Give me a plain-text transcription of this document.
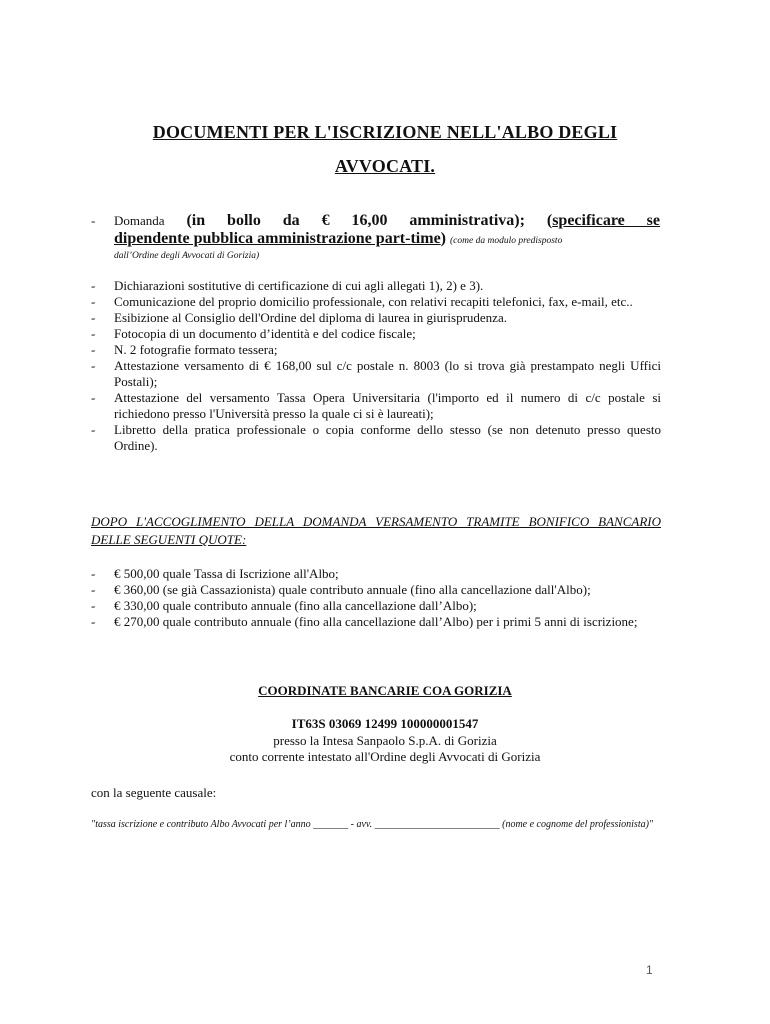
DOCUMENTI PER L'ISCRIZIONE NELL'ALBO DEGLI
AVVOCATI.
- Domanda (in bollo da € 16,00 amministrativa); (specificare se
dipendente pubblica amministrazione part-time) (come da modulo predisposto
dall’Ordine degli Avvocati di Gorizia)
- Dichiarazioni sostitutive di certificazione di cui agli allegati 1), 2) e 3).
- Comunicazione del proprio domicilio professionale, con relativi recapiti telefonici, fax, e-mail, etc..
- Esibizione al Consiglio dell'Ordine del diploma di laurea in giurisprudenza.
- Fotocopia di un documento d’identità e del codice fiscale;
- N. 2 fotografie formato tessera;
- Attestazione versamento di € 168,00 sul c/c postale n. 8003 (lo si trova già prestampato negli Uffici Postali);
- Attestazione del versamento Tassa Opera Universitaria (l'importo ed il numero di c/c postale si richiedono presso l'Università presso la quale ci si è laureati);
- Libretto della pratica professionale o copia conforme dello stesso (se non detenuto presso questo Ordine).
DOPO L'ACCOGLIMENTO DELLA DOMANDA VERSAMENTO TRAMITE BONIFICO BANCARIO DELLE SEGUENTI QUOTE:
- € 500,00 quale Tassa di Iscrizione all'Albo;
- € 360,00 (se già Cassazionista) quale contributo annuale (fino alla cancellazione dall'Albo);
- € 330,00 quale contributo annuale (fino alla cancellazione dall’Albo);
- € 270,00 quale contributo annuale (fino alla cancellazione dall’Albo) per i primi 5 anni di iscrizione;
COORDINATE BANCARIE COA GORIZIA
IT63S 03069 12499 100000001547
presso la Intesa Sanpaolo S.p.A. di Gorizia
conto corrente intestato all'Ordine degli Avvocati di Gorizia
con la seguente causale:
"tassa iscrizione e contributo Albo Avvocati per l’anno _______ - avv. _________________________ (nome e cognome del professionista)"
1
